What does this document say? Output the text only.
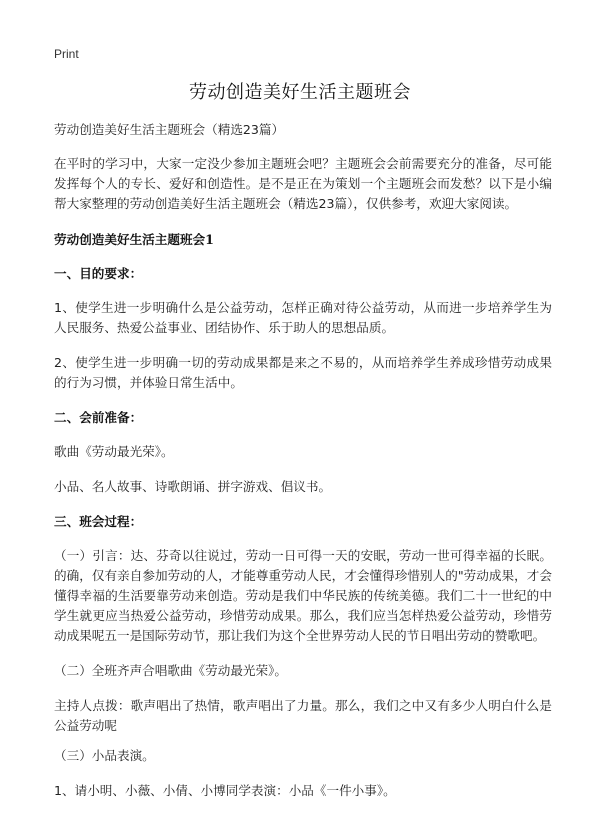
Print
劳动创造美好生活主题班会

劳动创造美好生活主题班会（精选23篇）

在平时的学习中，大家一定没少参加主题班会吧？主题班会会前需要充分的准备，尽可能发挥每个人的专长、爱好和创造性。是不是正在为策划一个主题班会而发愁？以下是小编帮大家整理的劳动创造美好生活主题班会（精选23篇），仅供参考，欢迎大家阅读。

劳动创造美好生活主题班会1

一、目的要求：

1、使学生进一步明确什么是公益劳动，怎样正确对待公益劳动，从而进一步培养学生为人民服务、热爱公益事业、团结协作、乐于助人的思想品质。

2、使学生进一步明确一切的劳动成果都是来之不易的，从而培养学生养成珍惜劳动成果的行为习惯，并体验日常生活中。

二、会前准备：

歌曲《劳动最光荣》。

小品、名人故事、诗歌朗诵、拼字游戏、倡议书。

三、班会过程：

（一）引言：达、芬奇以往说过，劳动一日可得一天的安眠，劳动一世可得幸福的长眠。的确，仅有亲自参加劳动的人，才能尊重劳动人民，才会懂得珍惜别人的"劳动成果，才会懂得幸福的生活要靠劳动来创造。劳动是我们中华民族的传统美德。我们二十一世纪的中学生就更应当热爱公益劳动，珍惜劳动成果。那么，我们应当怎样热爱公益劳动，珍惜劳动成果呢五一是国际劳动节，那让我们为这个全世界劳动人民的节日唱出劳动的赞歌吧。

（二）全班齐声合唱歌曲《劳动最光荣》。

主持人点拨：歌声唱出了热情，歌声唱出了力量。那么，我们之中又有多少人明白什么是公益劳动呢

（三）小品表演。

1、请小明、小薇、小倩、小博同学表演：小品《一件小事》。
